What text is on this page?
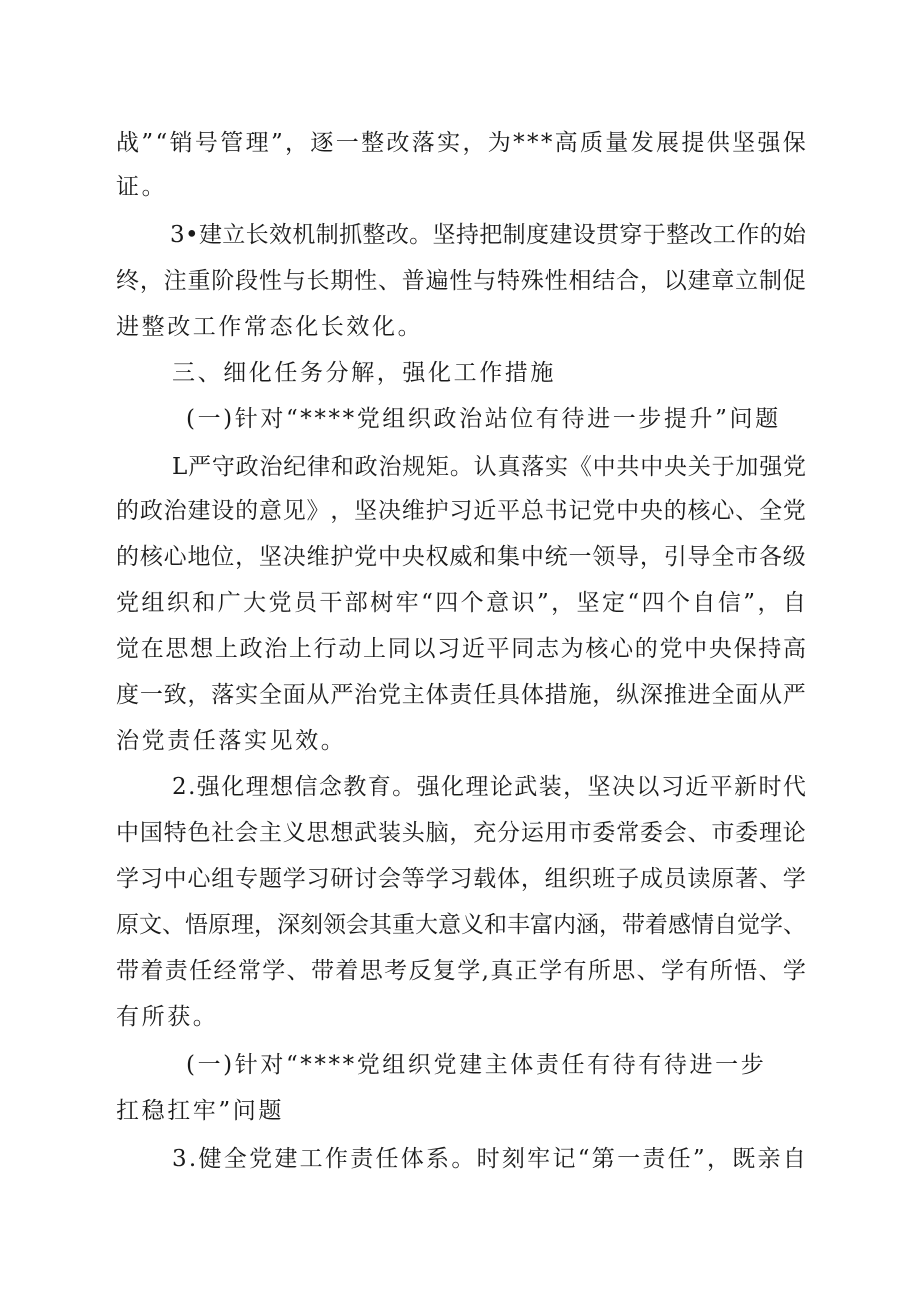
战 ” “ 销 号 管 理 ” ， 逐 一 整 改 落 实 ， 为 * * * 高 质 量 发 展 提 供 坚 强 保
证。
3 • 建 立 长 效 机 制 抓 整 改 。 坚 持 把 制 度 建 设 贯 穿 于 整 改 工 作 的 始
终 ， 注 重 阶 段 性 与 长 期 性 、 普 遍 性 与 特 殊 性 相 结 合 ， 以 建 章 立 制 促
进整改工作常态化长效化。
三、细化任务分解，强化工作措施
(一)针对“****党组织政治站位有待进一步提升”问题
L 严 守 政 治 纪 律 和 政 治 规 矩 。 认 真 落 实 《 中 共 中 央 关 于 加 强 党
的 政 治 建 设 的 意 见 》 ， 坚 决 维 护 习 近 平 总 书 记 党 中 央 的 核 心 、 全 党
的 核 心 地 位 ， 坚 决 维 护 党 中 央 权 威 和 集 中 统 一 领 导 ， 引 导 全 市 各 级
党 组 织 和 广 大 党 员 干 部 树 牢 “ 四 个 意 识 ” ， 坚 定 “ 四 个 自 信 ” ， 自
觉 在 思 想 上 政 治 上 行 动 上 同 以 习 近 平 同 志 为 核 心 的 党 中 央 保 持 高
度 一 致 ， 落 实 全 面 从 严 治 党 主 体 责 任 具 体 措 施 ， 纵 深 推 进 全 面 从 严
治党责任落实见效。
2 . 强 化 理 想 信 念 教 育 。 强 化 理 论 武 装 ， 坚 决 以 习 近 平 新 时 代
中 国 特 色 社 会 主 义 思 想 武 装 头 脑 ， 充 分 运 用 市 委 常 委 会 、 市 委 理 论
学 习 中 心 组 专 题 学 习 研 讨 会 等 学 习 载 体 ， 组 织 班 子 成 员 读 原 著 、 学
原 文 、 悟 原 理 ， 深 刻 领 会 其 重 大 意 义 和 丰 富 内 涵 ， 带 着 感 情 自 觉 学 、
带 着 责 任 经 常 学 、 带 着 思 考 反 复 学 , 真 正 学 有 所 思 、 学 有 所 悟 、 学
有所获。
(一)针对“****党组织党建主体责任有待有待进一步
扛稳扛牢”问题
3 . 健 全 党 建 工 作 责 任 体 系 。 时 刻 牢 记 “ 第 一 责 任 ” ， 既 亲 自
